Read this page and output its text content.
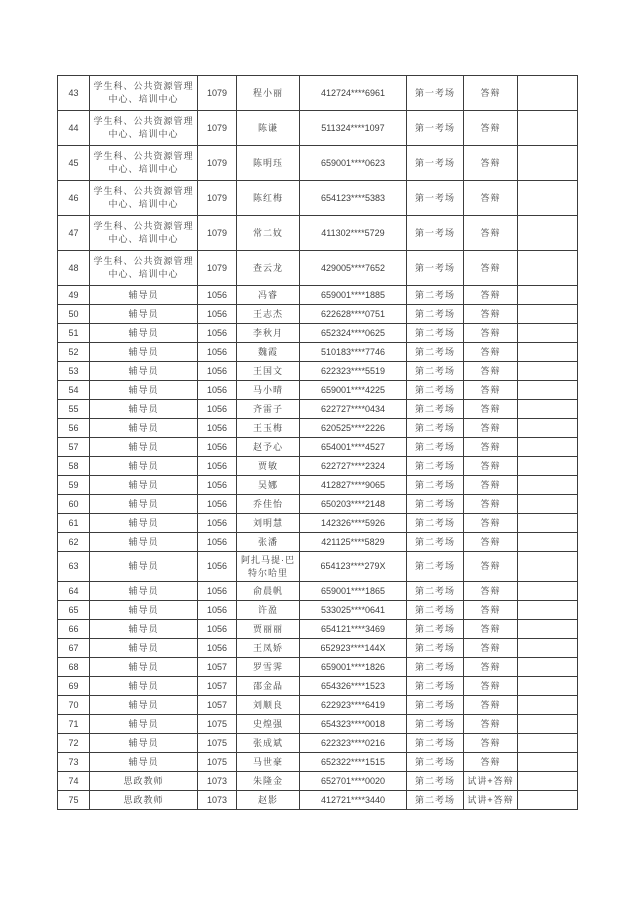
43	学生科、公共资源管理中心、培训中心	1079	程小丽	412724****6961	第一考场	答辩	
44	学生科、公共资源管理中心、培训中心	1079	陈谦	511324****1097	第一考场	答辩	
45	学生科、公共资源管理中心、培训中心	1079	陈明珏	659001****0623	第一考场	答辩	
46	学生科、公共资源管理中心、培训中心	1079	陈红梅	654123****5383	第一考场	答辩	
47	学生科、公共资源管理中心、培训中心	1079	常二妏	411302****5729	第一考场	答辩	
48	学生科、公共资源管理中心、培训中心	1079	查云龙	429005****7652	第一考场	答辩	
49	辅导员	1056	冯睿	659001****1885	第二考场	答辩	
50	辅导员	1056	王志杰	622628****0751	第二考场	答辩	
51	辅导员	1056	李秋月	652324****0625	第二考场	答辩	
52	辅导员	1056	魏霞	510183****7746	第二考场	答辩	
53	辅导员	1056	王国文	622323****5519	第二考场	答辩	
54	辅导员	1056	马小晴	659001****4225	第二考场	答辩	
55	辅导员	1056	齐雷子	622727****0434	第二考场	答辩	
56	辅导员	1056	王玉梅	620525****2226	第二考场	答辩	
57	辅导员	1056	赵予心	654001****4527	第二考场	答辩	
58	辅导员	1056	贾敏	622727****2324	第二考场	答辩	
59	辅导员	1056	吴娜	412827****9065	第二考场	答辩	
60	辅导员	1056	乔佳怡	650203****2148	第二考场	答辩	
61	辅导员	1056	刘明慧	142326****5926	第二考场	答辩	
62	辅导员	1056	张潘	421125****5829	第二考场	答辩	
63	辅导员	1056	阿扎马提·巴特尔哈里	654123****279X	第二考场	答辩	
64	辅导员	1056	俞晨帆	659001****1865	第二考场	答辩	
65	辅导员	1056	许盈	533025****0641	第二考场	答辩	
66	辅导员	1056	贾丽丽	654121****3469	第二考场	答辩	
67	辅导员	1056	王凤娇	652923****144X	第二考场	答辩	
68	辅导员	1057	罗雪霁	659001****1826	第二考场	答辩	
69	辅导员	1057	邵金晶	654326****1523	第二考场	答辩	
70	辅导员	1057	刘顺良	622923****6419	第二考场	答辩	
71	辅导员	1075	史煌强	654323****0018	第二考场	答辩	
72	辅导员	1075	张成斌	622323****0216	第二考场	答辩	
73	辅导员	1075	马世豪	652322****1515	第二考场	答辩	
74	思政教师	1073	朱隆金	652701****0020	第二考场	试讲+答辩	
75	思政教师	1073	赵影	412721****3440	第二考场	试讲+答辩	
